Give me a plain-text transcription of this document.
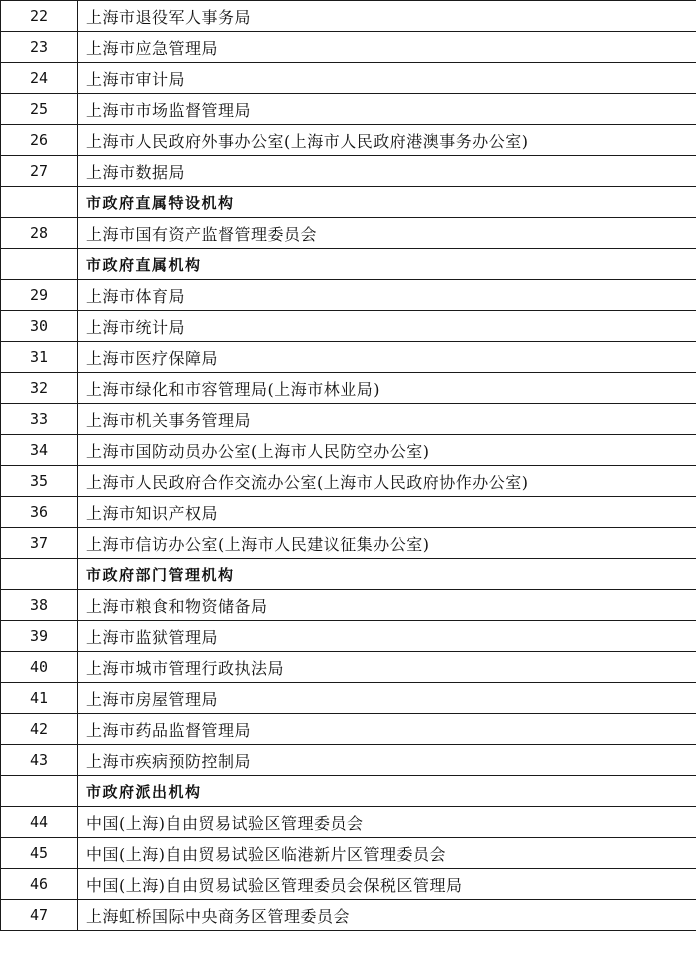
22	上海市退役军人事务局
23	上海市应急管理局
24	上海市审计局
25	上海市市场监督管理局
26	上海市人民政府外事办公室(上海市人民政府港澳事务办公室)
27	上海市数据局
	市政府直属特设机构
28	上海市国有资产监督管理委员会
	市政府直属机构
29	上海市体育局
30	上海市统计局
31	上海市医疗保障局
32	上海市绿化和市容管理局(上海市林业局)
33	上海市机关事务管理局
34	上海市国防动员办公室(上海市人民防空办公室)
35	上海市人民政府合作交流办公室(上海市人民政府协作办公室)
36	上海市知识产权局
37	上海市信访办公室(上海市人民建议征集办公室)
	市政府部门管理机构
38	上海市粮食和物资储备局
39	上海市监狱管理局
40	上海市城市管理行政执法局
41	上海市房屋管理局
42	上海市药品监督管理局
43	上海市疾病预防控制局
	市政府派出机构
44	中国(上海)自由贸易试验区管理委员会
45	中国(上海)自由贸易试验区临港新片区管理委员会
46	中国(上海)自由贸易试验区管理委员会保税区管理局
47	上海虹桥国际中央商务区管理委员会
